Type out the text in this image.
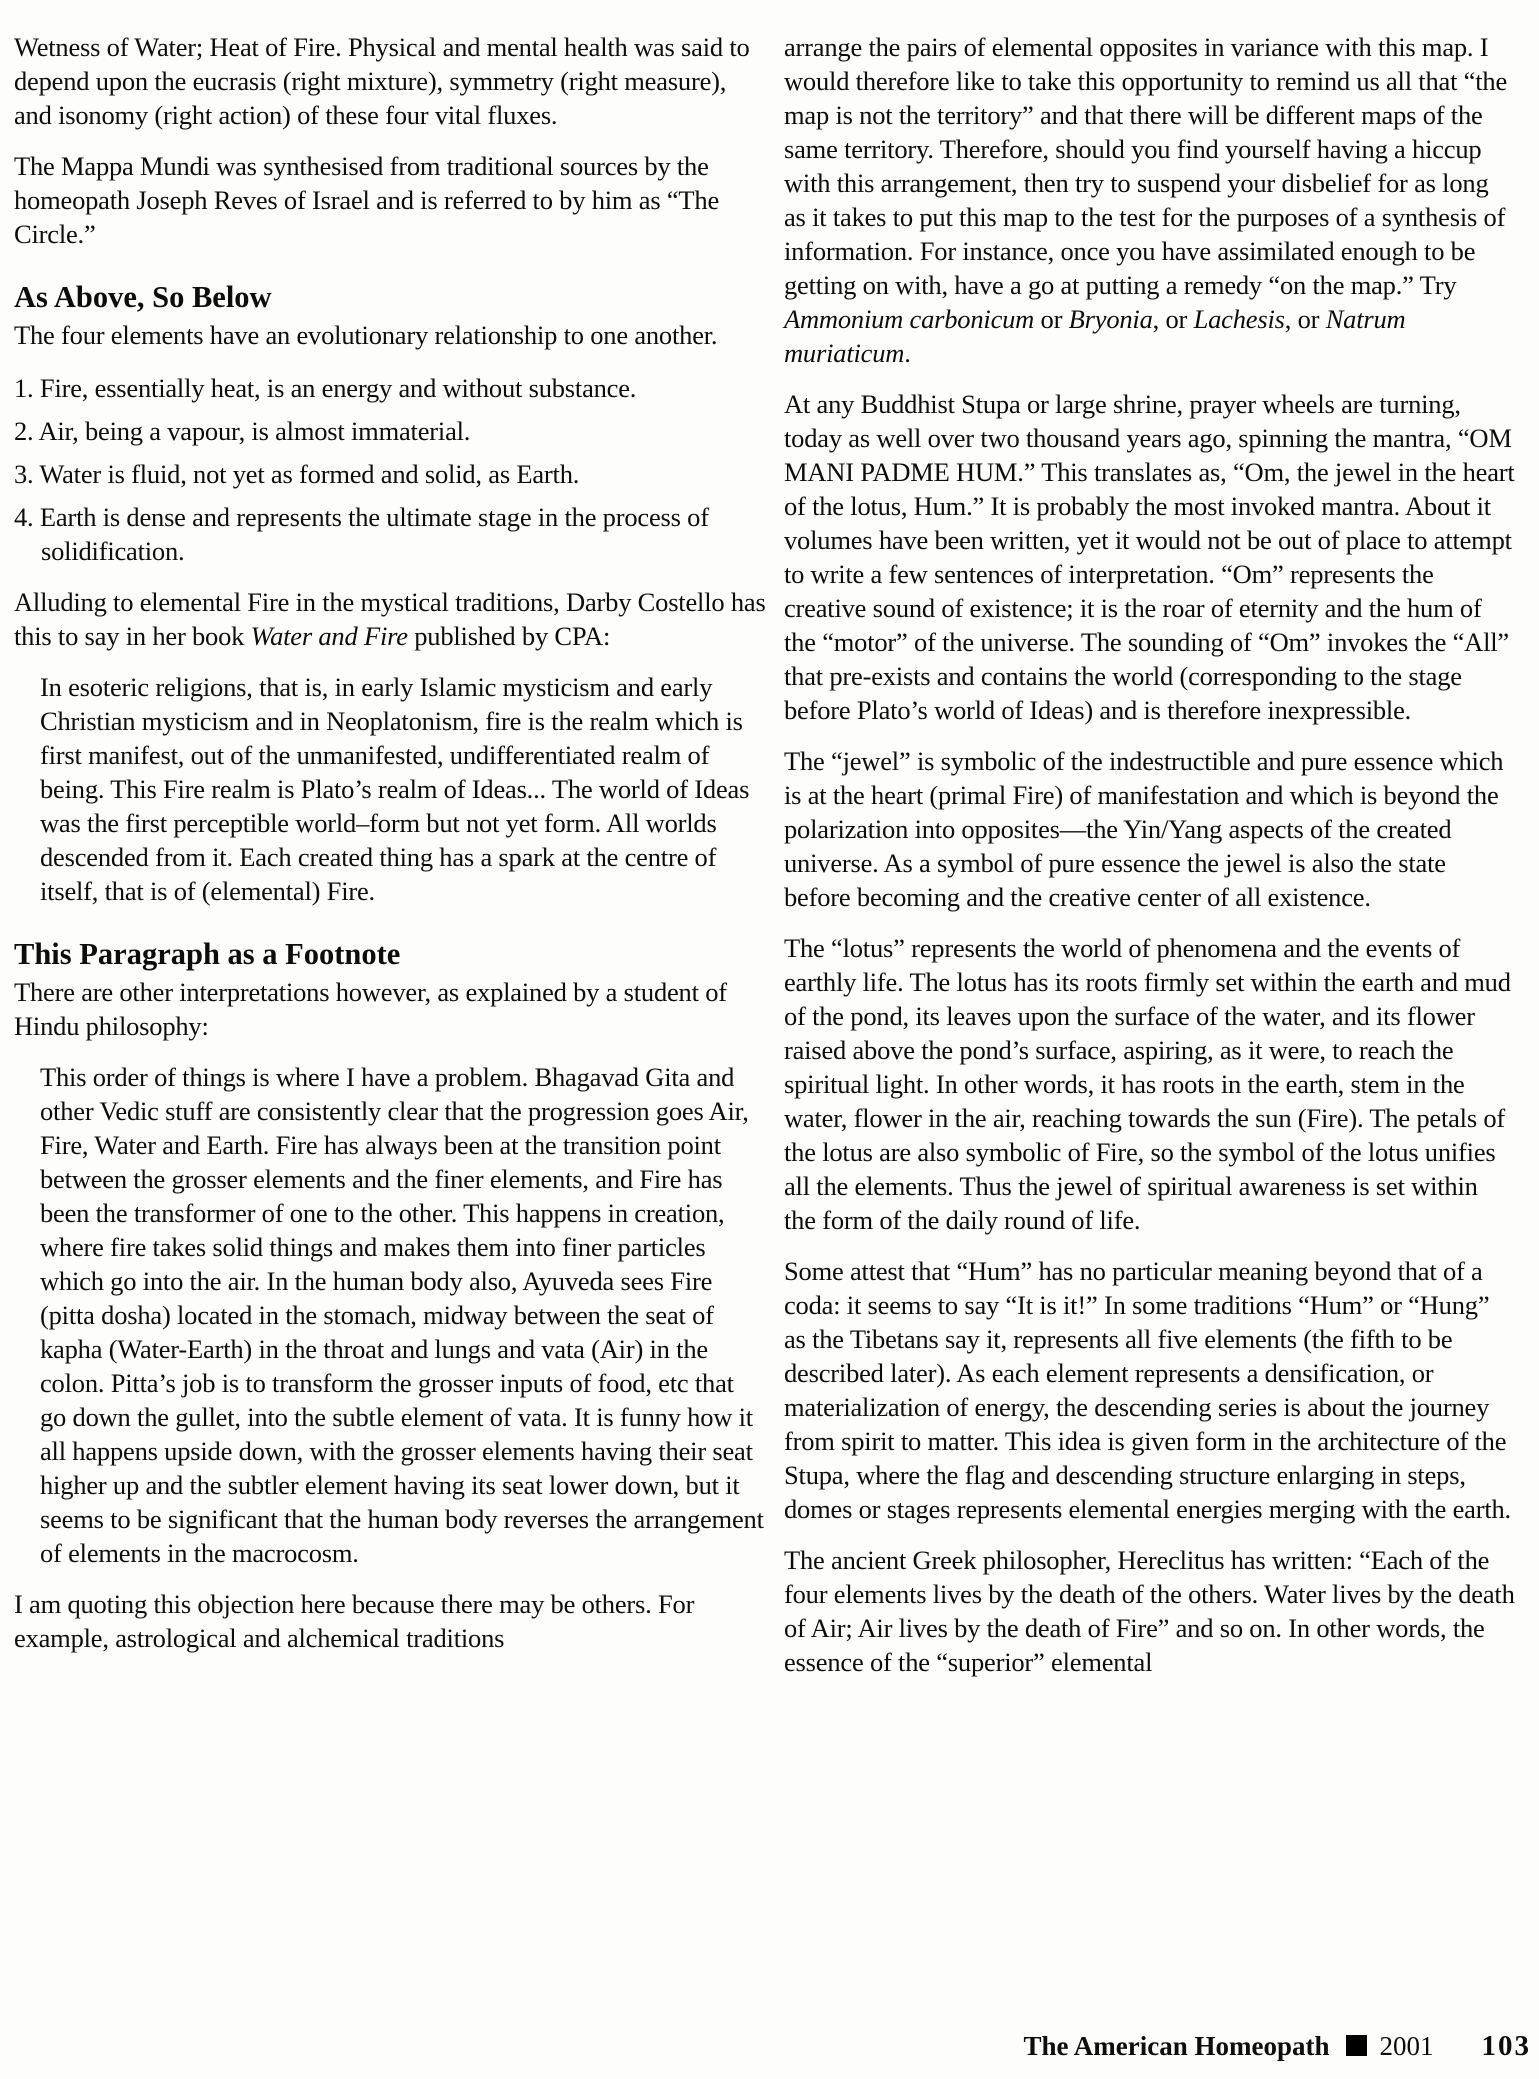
Wetness of Water; Heat of Fire. Physical and mental health was said to depend upon the eucrasis (right mixture), symmetry (right measure), and isonomy (right action) of these four vital fluxes.

The Mappa Mundi was synthesised from traditional sources by the homeopath Joseph Reves of Israel and is referred to by him as “The Circle.”

As Above, So Below

The four elements have an evolutionary relationship to one another.

1. Fire, essentially heat, is an energy and without substance.

2. Air, being a vapour, is almost immaterial.

3. Water is fluid, not yet as formed and solid, as Earth.

4. Earth is dense and represents the ultimate stage in the process of solidification.

Alluding to elemental Fire in the mystical traditions, Darby Costello has this to say in her book Water and Fire published by CPA:

In esoteric religions, that is, in early Islamic mysticism and early Christian mysticism and in Neoplatonism, fire is the realm which is first manifest, out of the unmanifested, undifferentiated realm of being. This Fire realm is Plato’s realm of Ideas... The world of Ideas was the first perceptible world–form but not yet form. All worlds descended from it. Each created thing has a spark at the centre of itself, that is of (elemental) Fire.

This Paragraph as a Footnote

There are other interpretations however, as explained by a student of Hindu philosophy:

This order of things is where I have a problem. Bhagavad Gita and other Vedic stuff are consistently clear that the progression goes Air, Fire, Water and Earth. Fire has always been at the transition point between the grosser elements and the finer elements, and Fire has been the transformer of one to the other. This happens in creation, where fire takes solid things and makes them into finer particles which go into the air. In the human body also, Ayuveda sees Fire (pitta dosha) located in the stomach, midway between the seat of kapha (Water-Earth) in the throat and lungs and vata (Air) in the colon. Pitta’s job is to transform the grosser inputs of food, etc that go down the gullet, into the subtle element of vata. It is funny how it all happens upside down, with the grosser elements having their seat higher up and the subtler element having its seat lower down, but it seems to be significant that the human body reverses the arrangement of elements in the macrocosm.

I am quoting this objection here because there may be others. For example, astrological and alchemical traditions

arrange the pairs of elemental opposites in variance with this map. I would therefore like to take this opportunity to remind us all that “the map is not the territory” and that there will be different maps of the same territory. Therefore, should you find yourself having a hiccup with this arrangement, then try to suspend your disbelief for as long as it takes to put this map to the test for the purposes of a synthesis of information. For instance, once you have assimilated enough to be getting on with, have a go at putting a remedy “on the map.” Try Ammonium carbonicum or Bryonia, or Lachesis, or Natrum muriaticum.

At any Buddhist Stupa or large shrine, prayer wheels are turning, today as well over two thousand years ago, spinning the mantra, “OM MANI PADME HUM.” This translates as, “Om, the jewel in the heart of the lotus, Hum.” It is probably the most invoked mantra. About it volumes have been written, yet it would not be out of place to attempt to write a few sentences of interpretation. “Om” represents the creative sound of existence; it is the roar of eternity and the hum of the “motor” of the universe. The sounding of “Om” invokes the “All” that pre-exists and contains the world (corresponding to the stage before Plato’s world of Ideas) and is therefore inexpressible.

The “jewel” is symbolic of the indestructible and pure essence which is at the heart (primal Fire) of manifestation and which is beyond the polarization into opposites—the Yin/Yang aspects of the created universe. As a symbol of pure essence the jewel is also the state before becoming and the creative center of all existence.

The “lotus” represents the world of phenomena and the events of earthly life. The lotus has its roots firmly set within the earth and mud of the pond, its leaves upon the surface of the water, and its flower raised above the pond’s surface, aspiring, as it were, to reach the spiritual light. In other words, it has roots in the earth, stem in the water, flower in the air, reaching towards the sun (Fire). The petals of the lotus are also symbolic of Fire, so the symbol of the lotus unifies all the elements. Thus the jewel of spiritual awareness is set within the form of the daily round of life.

Some attest that “Hum” has no particular meaning beyond that of a coda: it seems to say “It is it!” In some traditions “Hum” or “Hung” as the Tibetans say it, represents all five elements (the fifth to be described later). As each element represents a densification, or materialization of energy, the descending series is about the journey from spirit to matter. This idea is given form in the architecture of the Stupa, where the flag and descending structure enlarging in steps, domes or stages represents elemental energies merging with the earth.

The ancient Greek philosopher, Hereclitus has written: “Each of the four elements lives by the death of the others. Water lives by the death of Air; Air lives by the death of Fire” and so on. In other words, the essence of the “superior” elemental

The American Homeopath 2001 103
